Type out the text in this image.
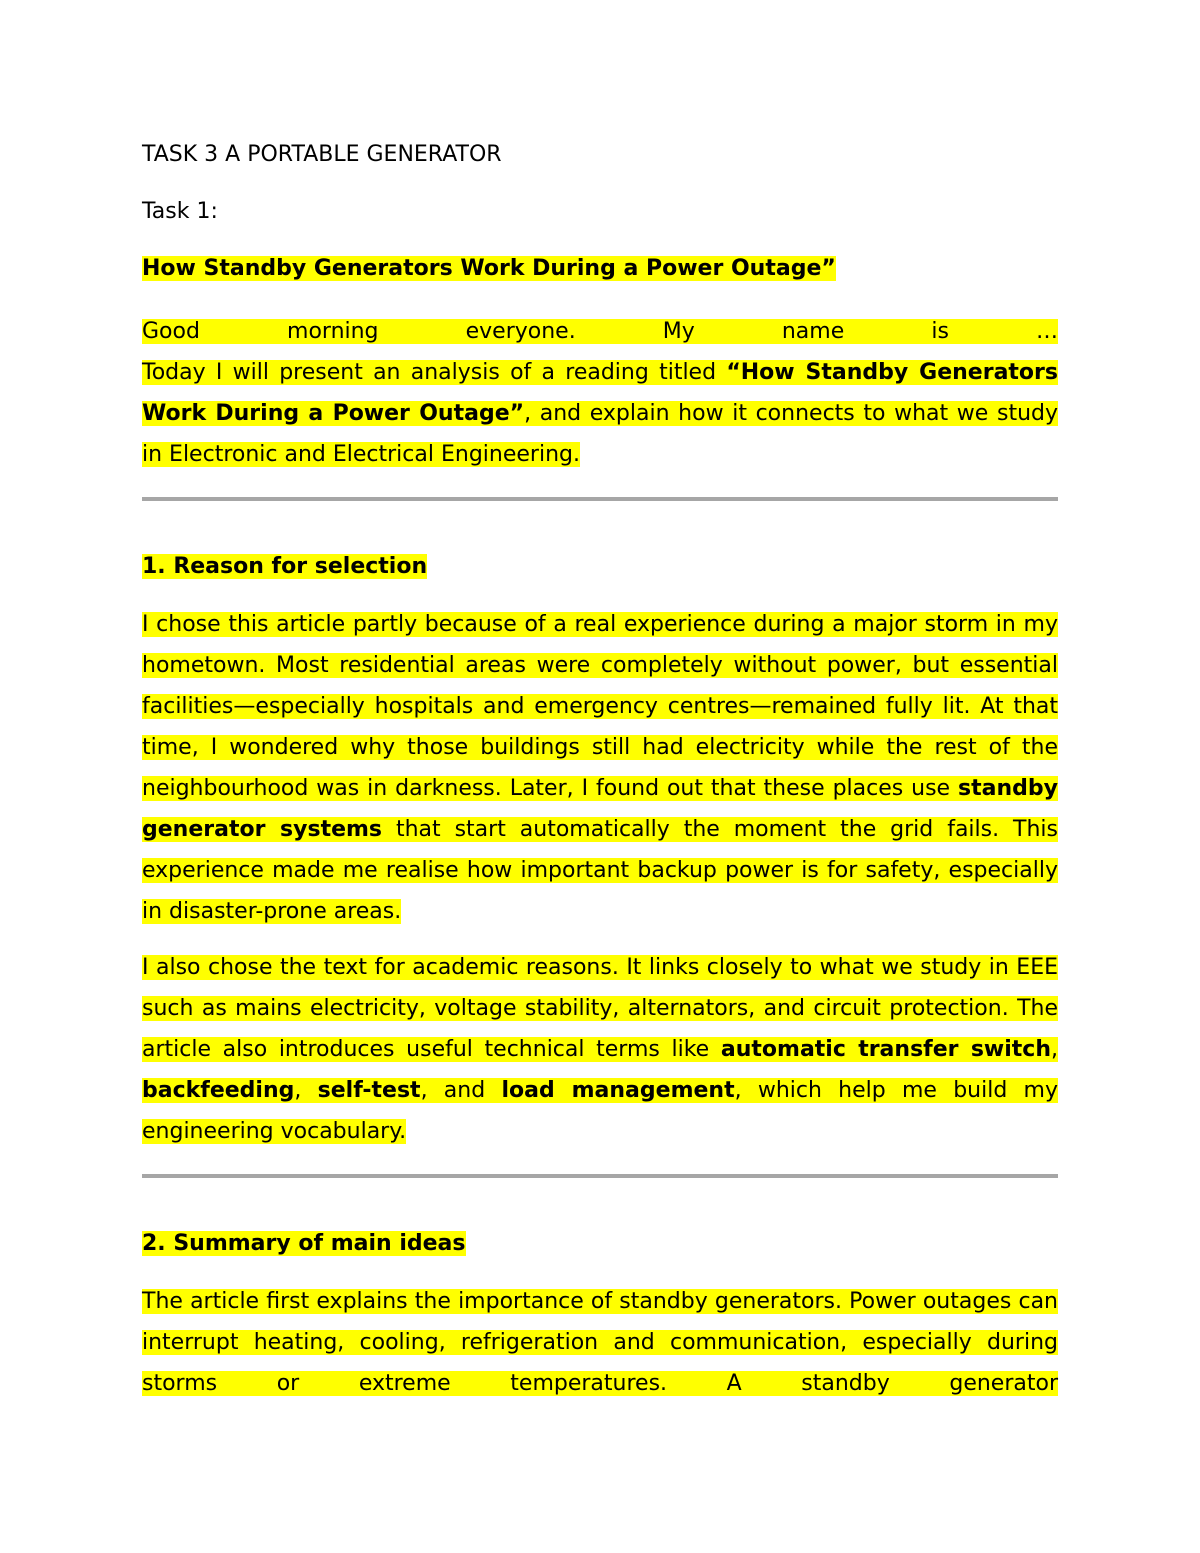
TASK 3 A PORTABLE GENERATOR

Task 1:

How Standby Generators Work During a Power Outage”

Good morning everyone. My name is …

Today I will present an analysis of a reading titled “How Standby Generators Work During a Power Outage”, and explain how it connects to what we study in Electronic and Electrical Engineering.

1. Reason for selection

I chose this article partly because of a real experience during a major storm in my hometown. Most residential areas were completely without power, but essential facilities—especially hospitals and emergency centres—remained fully lit. At that time, I wondered why those buildings still had electricity while the rest of the neighbourhood was in darkness. Later, I found out that these places use standby generator systems that start automatically the moment the grid fails. This experience made me realise how important backup power is for safety, especially in disaster-prone areas.

I also chose the text for academic reasons. It links closely to what we study in EEE such as mains electricity, voltage stability, alternators, and circuit protection. The article also introduces useful technical terms like automatic transfer switch, backfeeding, self-test, and load management, which help me build my engineering vocabulary.

2. Summary of main ideas

The article first explains the importance of standby generators. Power outages can interrupt heating, cooling, refrigeration and communication, especially during storms or extreme temperatures. A standby generator
